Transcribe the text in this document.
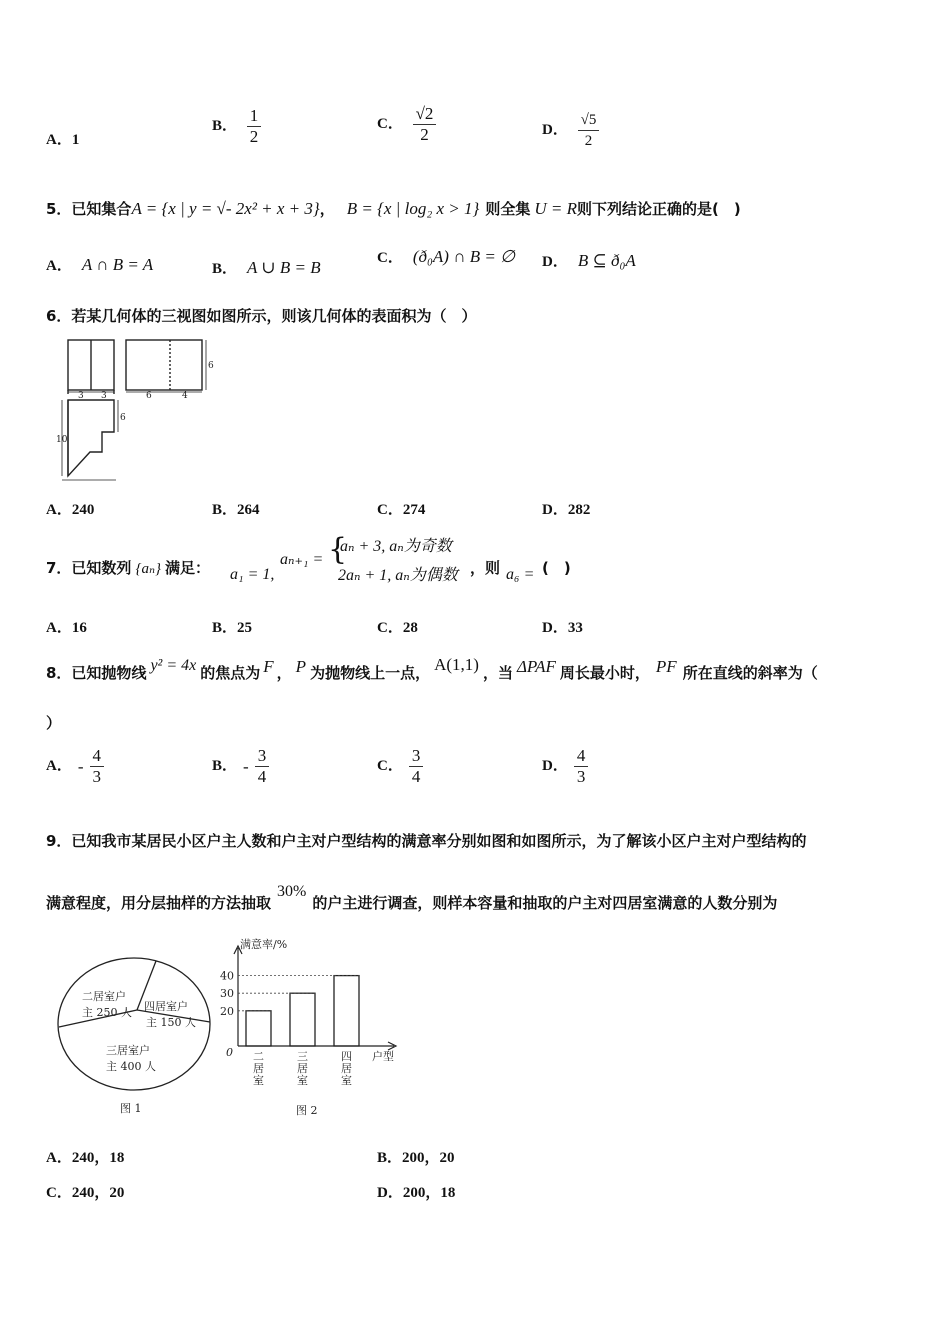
A．1
B． $\frac{1}{2}$	C． $\frac{√2}{2}$	D． $\frac{√5}{2}$
5．已知集合A = {x | y = √- 2x² + x + 3}， B = {x | log₂ x > 1} 则全集 U = R则下列结论正确的是(　)
A． A ∩ B = A	B． A ∪ B = B	C． (ð₀A) ∩ B = ∅ D． B ⊆ ð₀A
6．若某几何体的三视图如图所示，则该几何体的表面积为（　）
3 3	6	4
6
10
6
A．240	B．264	C．274	D．282
7．已知数列 {aₙ} 满足： a₁ = 1,
aₙ₊₁ = {
aₙ + 3, aₙ为奇数
2aₙ + 1, aₙ为偶数 ，则 a₆ = (　)
A．16	B．25	C．28	D．33
8．已知抛物线 y² = 4x 的焦点为 F ， P 为抛物线上一点， A(1,1) ，当 ΔPAF 周长最小时， PF 所在直线的斜率为（
）
A． - $\frac{4}{3}$	B． - $\frac{3}{4}$	C． $\frac{3}{4}$	D． $\frac{4}{3}$
9．已知我市某居民小区户主人数和户主对户型结构的满意率分别如图和如图所示，为了解该小区户主对户型结构的
满意程度，用分层抽样的方法抽取30%的户主进行调查，则样本容量和抽取的户主对四居室满意的人数分别为
二居室户
主 250 人 四居室户
主 150 人
三居室户
主 400 人
图 1
满意率/%
户型
0
图 2
二
居
室
三
居
室
四
居
室
20
30
40
A．240，18	B．200，20
C．240，20	D．200，18
